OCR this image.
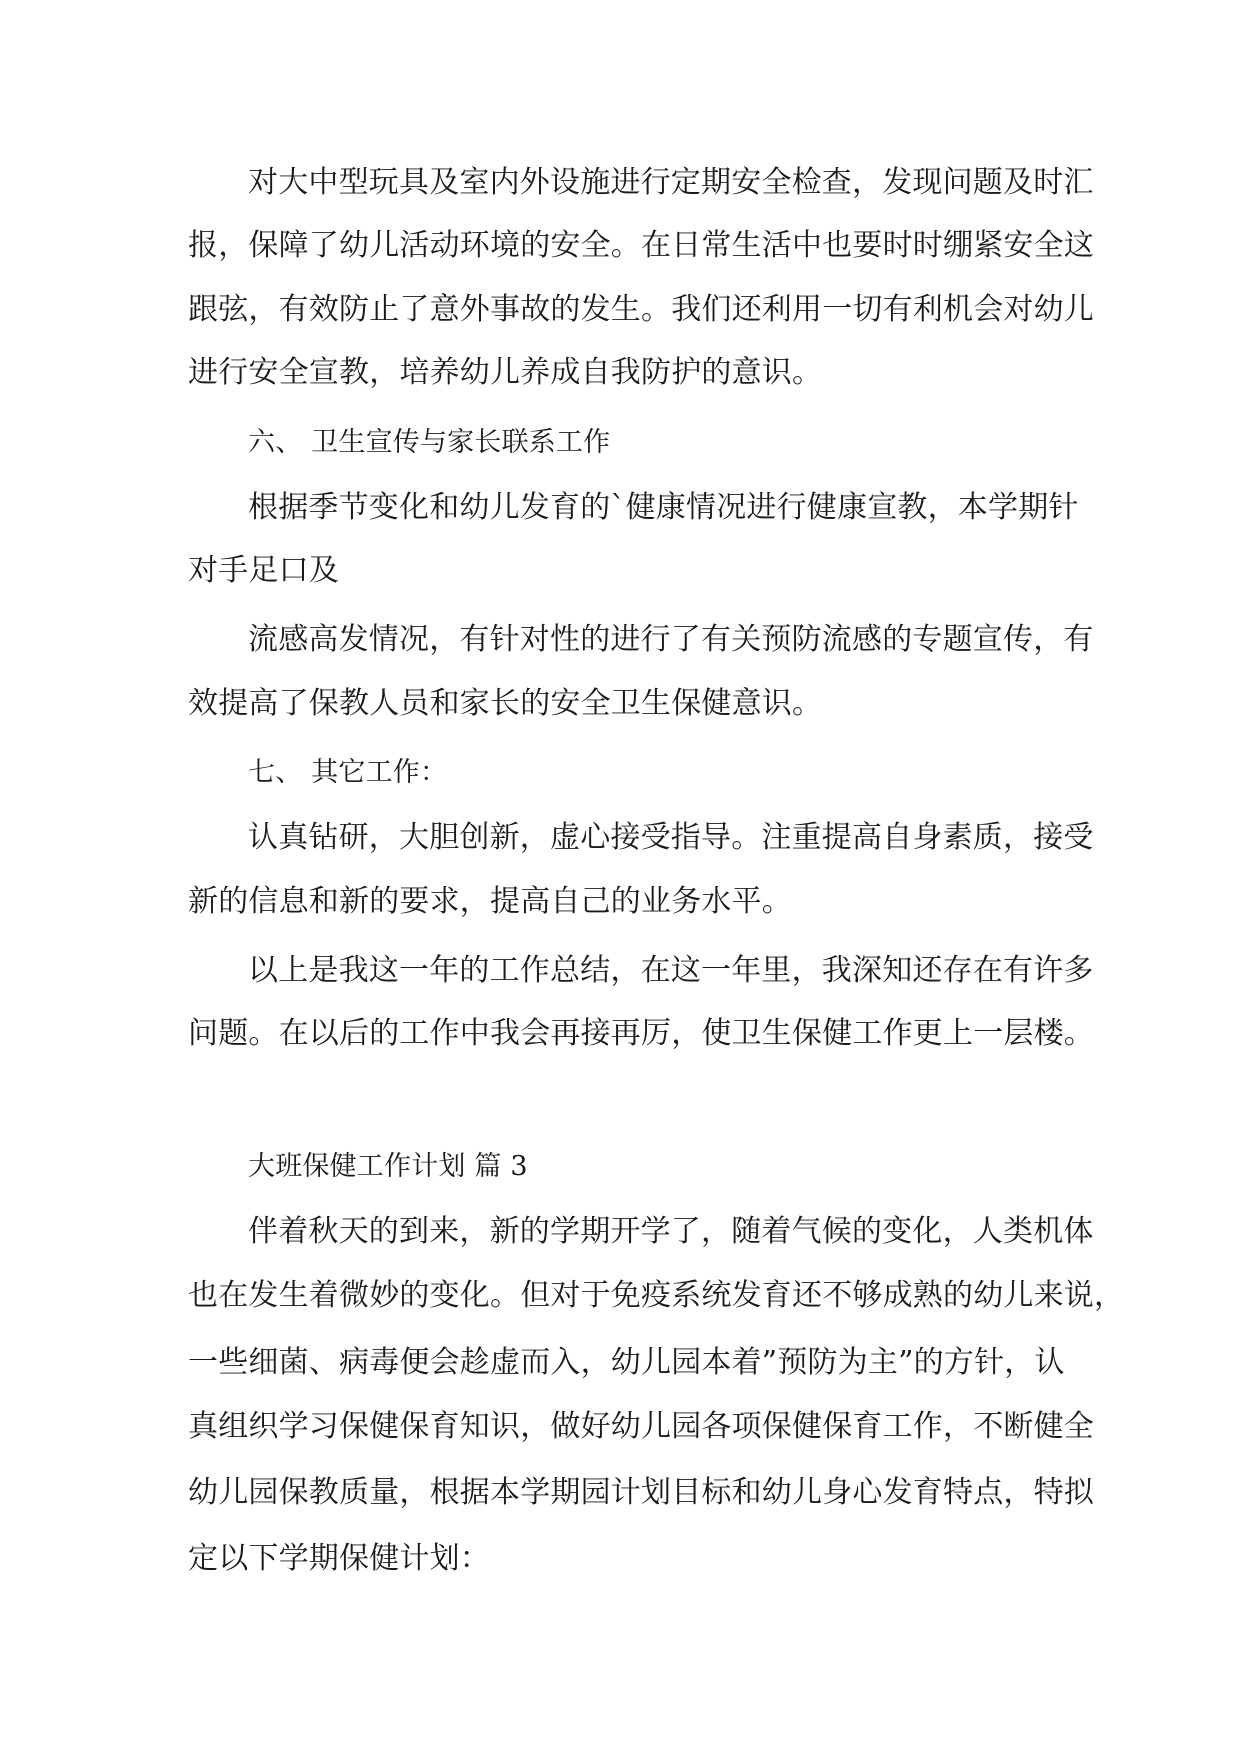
对大中型玩具及室内外设施进行定期安全检查，发现问题及时汇
报，保障了幼儿活动环境的安全。在日常生活中也要时时绷紧安全这
跟弦，有效防止了意外事故的发生。我们还利用一切有利机会对幼儿
进行安全宣教，培养幼儿养成自我防护的意识。
六、 卫生宣传与家长联系工作
根据季节变化和幼儿发育的`健康情况进行健康宣教，本学期针
对手足口及
流感高发情况，有针对性的进行了有关预防流感的专题宣传，有
效提高了保教人员和家长的安全卫生保健意识。
七、 其它工作：
认真钻研，大胆创新，虚心接受指导。注重提高自身素质，接受
新的信息和新的要求，提高自己的业务水平。
以上是我这一年的工作总结，在这一年里，我深知还存在有许多
问题。在以后的工作中我会再接再厉，使卫生保健工作更上一层楼。
大班保健工作计划 篇 3
伴着秋天的到来，新的学期开学了，随着气候的变化，人类机体
也在发生着微妙的变化。但对于免疫系统发育还不够成熟的幼儿来说，
一些细菌、病毒便会趁虚而入，幼儿园本着”预防为主”的方针，认
真组织学习保健保育知识，做好幼儿园各项保健保育工作，不断健全
幼儿园保教质量，根据本学期园计划目标和幼儿身心发育特点，特拟
定以下学期保健计划：
